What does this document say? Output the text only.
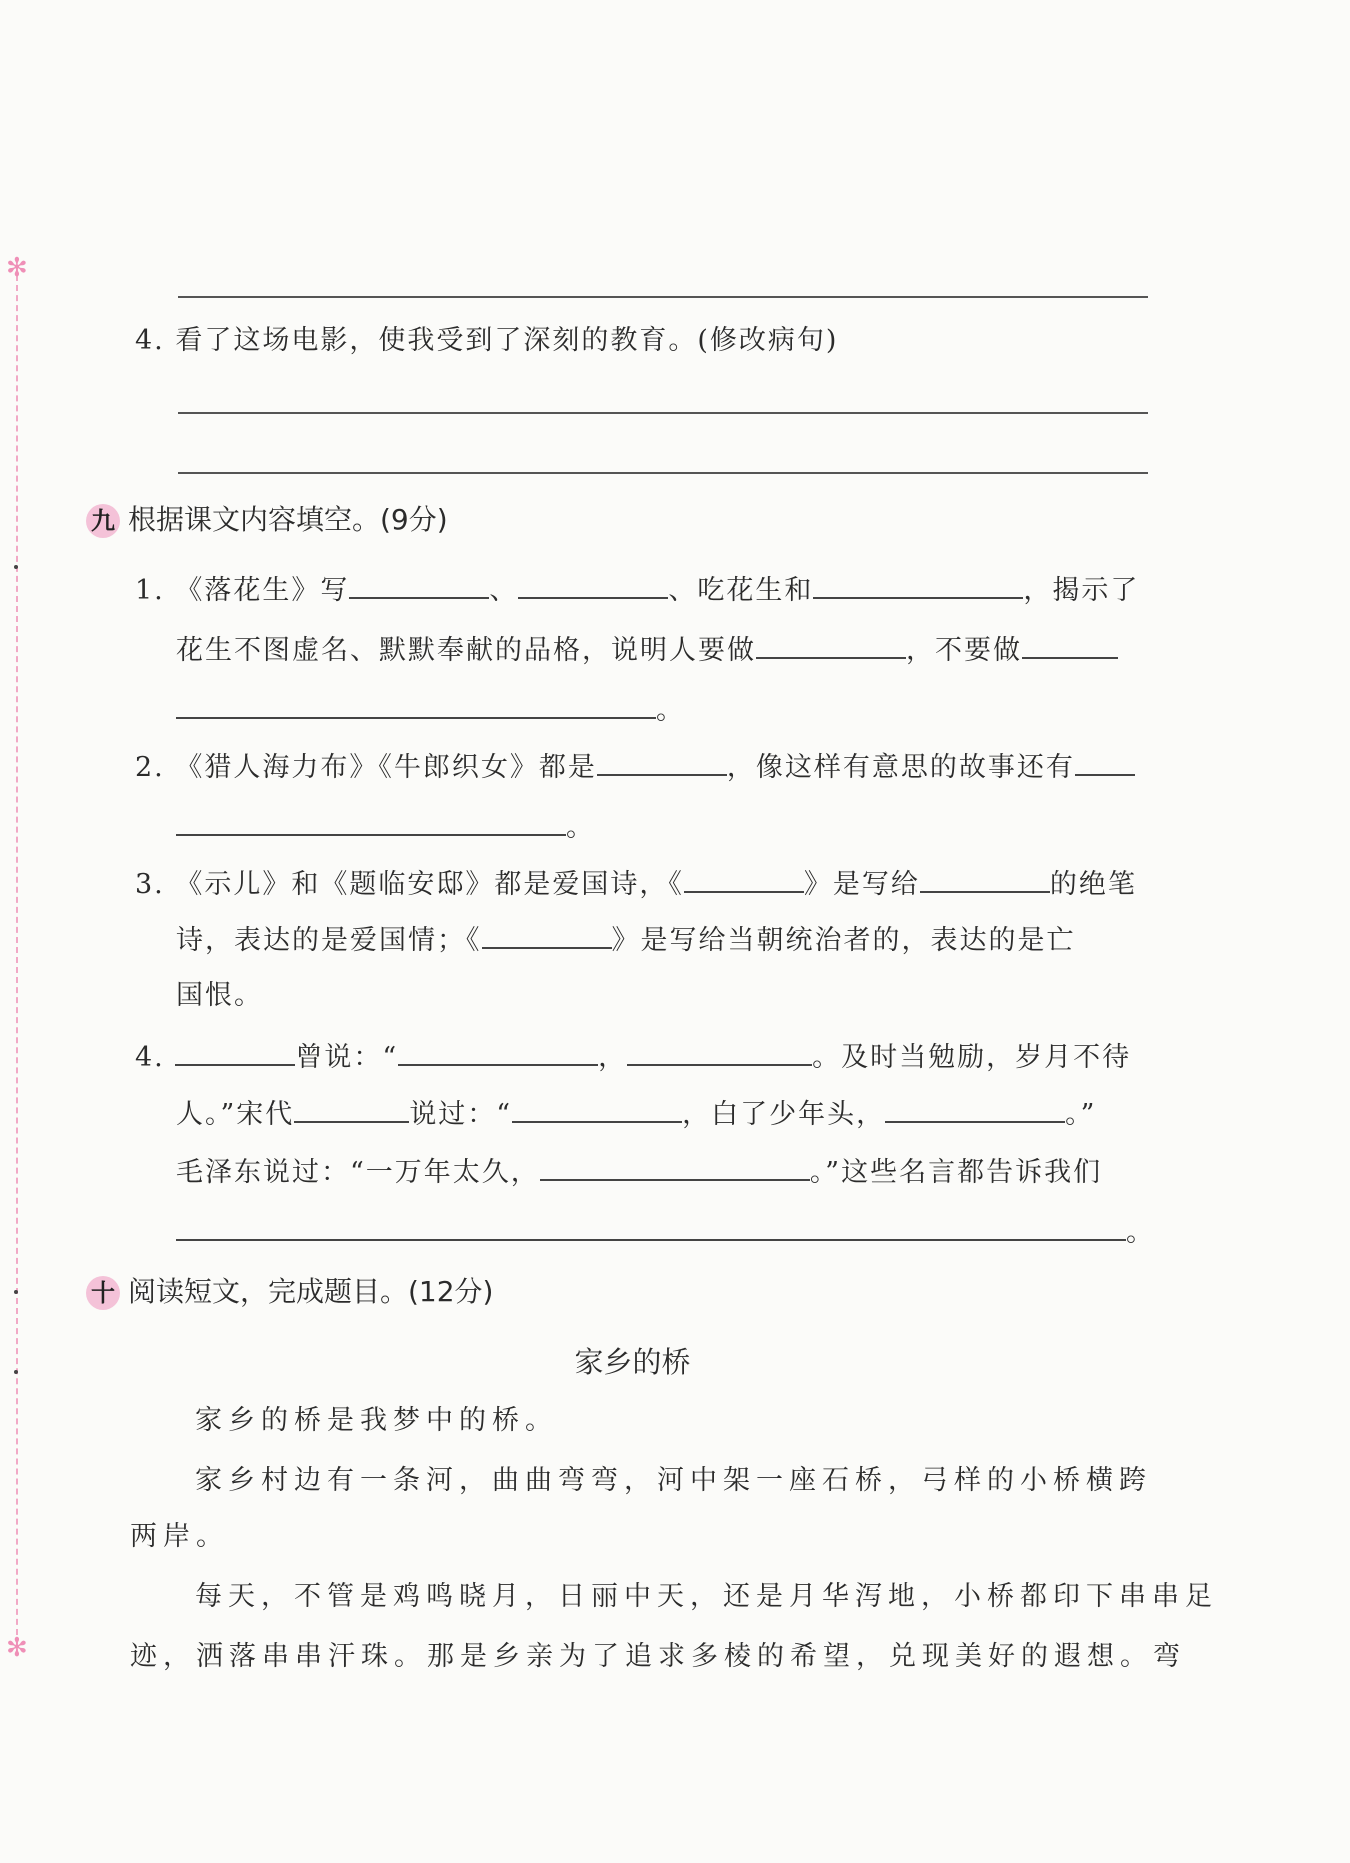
✻
✻
4. 看了这场电影，使我受到了深刻的教育。(修改病句)
九 根据课文内容填空。(9分)
1. 《落花生》写	、	、吃花生和	，揭示了
花生不图虚名、默默奉献的品格，说明人要做	，不要做
。
2. 《猎人海力布》《牛郎织女》都是	，像这样有意思的故事还有
。
3. 《示儿》和《题临安邸》都是爱国诗，《	》是写给	的绝笔
诗，表达的是爱国情；《	》是写给当朝统治者的，表达的是亡
国恨。
4.	曾说：“	，	。及时当勉励，岁月不待
人。”宋代	说过：“	，白了少年头，	。”
毛泽东说过：“一万年太久，	。”这些名言都告诉我们
。
十 阅读短文，完成题目。(12分)
家乡的桥
家乡的桥是我梦中的桥。
家乡村边有一条河，曲曲弯弯，河中架一座石桥，弓样的小桥横跨
两岸。
每天，不管是鸡鸣晓月，日丽中天，还是月华泻地，小桥都印下串串足
迹，洒落串串汗珠。那是乡亲为了追求多棱的希望，兑现美好的遐想。弯
